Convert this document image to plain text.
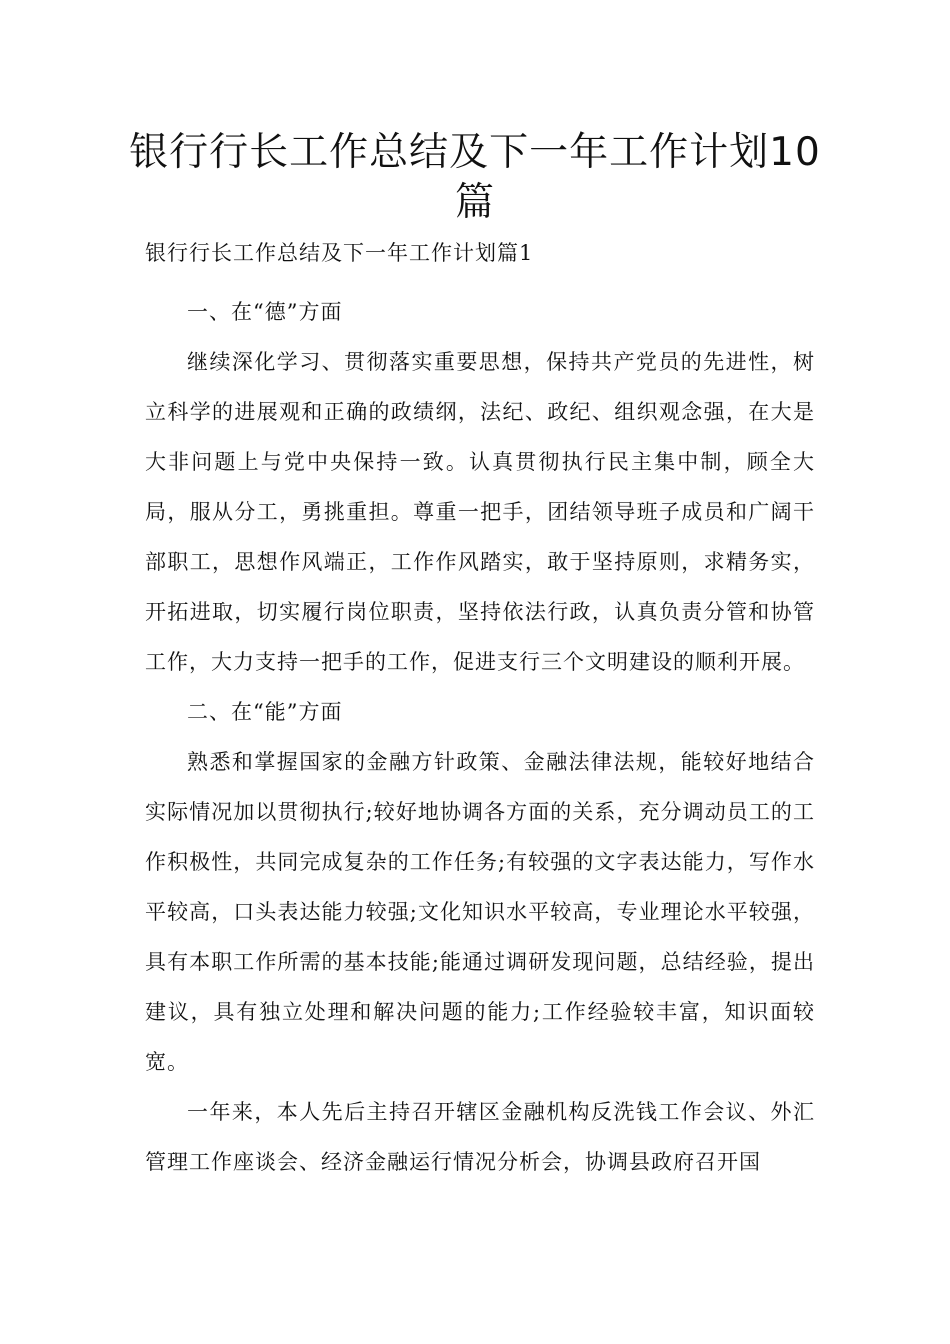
银行行长工作总结及下一年工作计划10篇
银行行长工作总结及下一年工作计划篇1

一、在“德”方面

继续深化学习、贯彻落实重要思想，保持共产党员的先进性，树立科学的进展观和正确的政绩纲，法纪、政纪、组织观念强，在大是大非问题上与党中央保持一致。认真贯彻执行民主集中制，顾全大局，服从分工，勇挑重担。尊重一把手，团结领导班子成员和广阔干部职工，思想作风端正，工作作风踏实，敢于坚持原则，求精务实，开拓进取，切实履行岗位职责，坚持依法行政，认真负责分管和协管工作，大力支持一把手的工作，促进支行三个文明建设的顺利开展。

二、在“能”方面

熟悉和掌握国家的金融方针政策、金融法律法规，能较好地结合实际情况加以贯彻执行;较好地协调各方面的关系，充分调动员工的工作积极性，共同完成复杂的工作任务;有较强的文字表达能力，写作水平较高，口头表达能力较强;文化知识水平较高，专业理论水平较强，具有本职工作所需的基本技能;能通过调研发现问题，总结经验，提出建议，具有独立处理和解决问题的能力;工作经验较丰富，知识面较宽。

一年来，本人先后主持召开辖区金融机构反洗钱工作会议、外汇管理工作座谈会、经济金融运行情况分析会，协调县政府召开国
